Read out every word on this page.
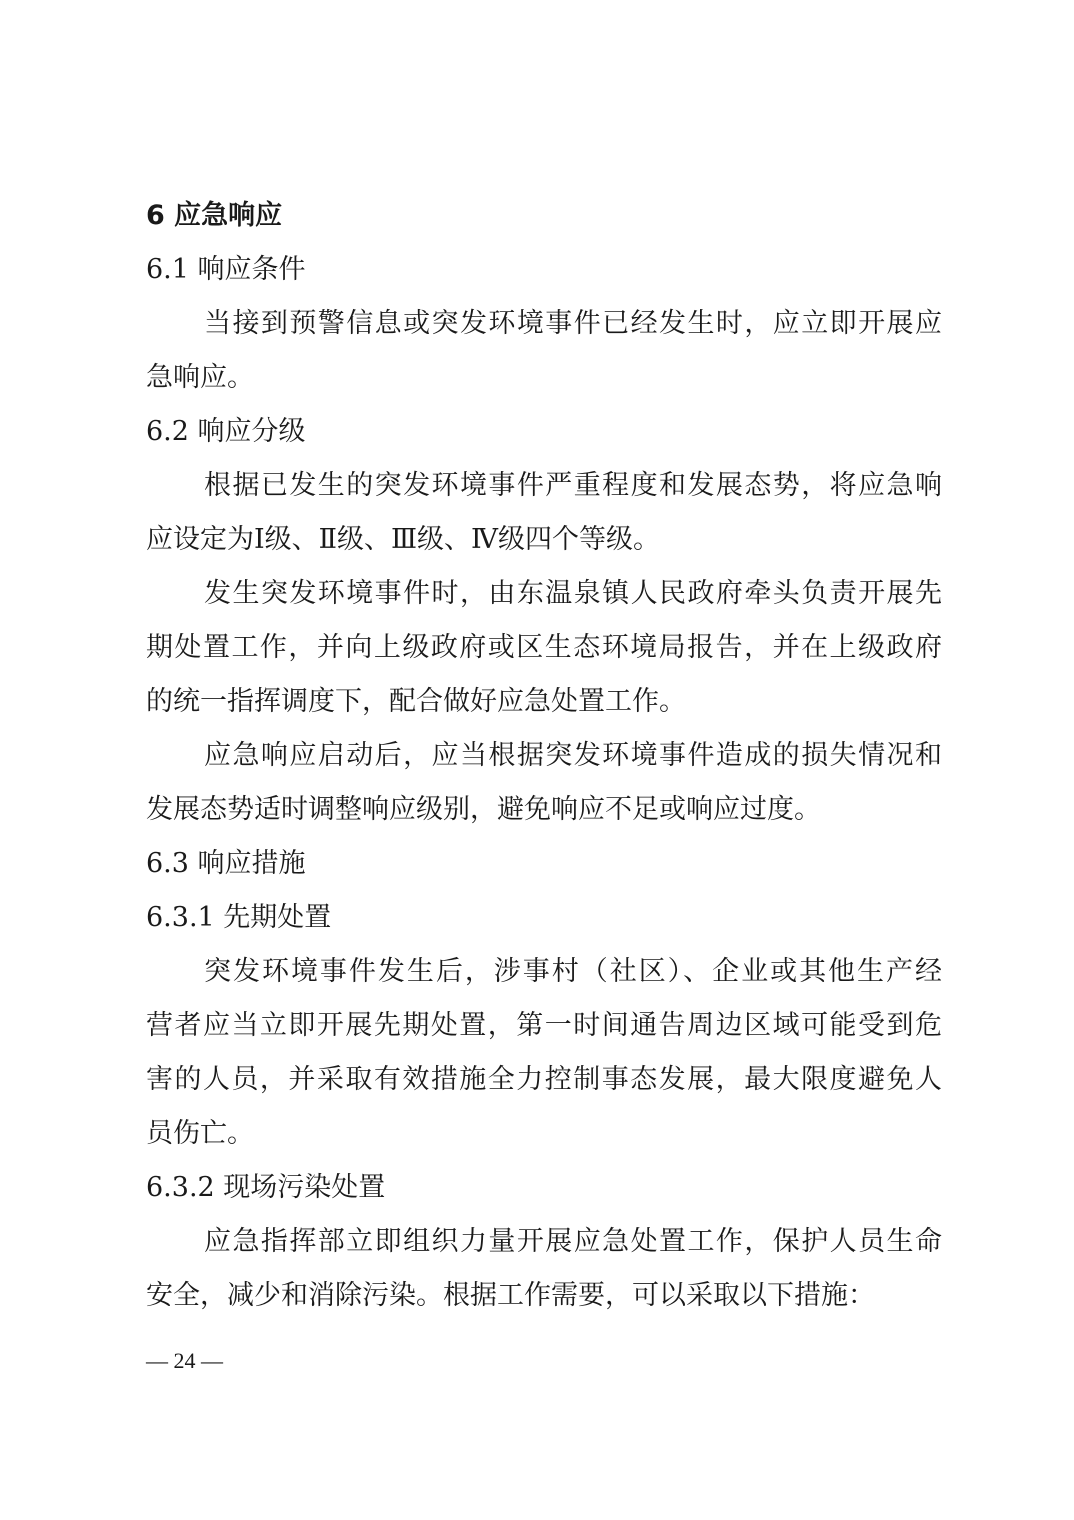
6 应急响应
6.1 响应条件
当接到预警信息或突发环境事件已经发生时，应立即开展应
急响应。
6.2 响应分级
根据已发生的突发环境事件严重程度和发展态势，将应急响
应设定为Ⅰ级、Ⅱ级、Ⅲ级、Ⅳ级四个等级。
发生突发环境事件时，由东温泉镇人民政府牵头负责开展先
期处置工作，并向上级政府或区生态环境局报告，并在上级政府
的统一指挥调度下，配合做好应急处置工作。
应急响应启动后，应当根据突发环境事件造成的损失情况和
发展态势适时调整响应级别，避免响应不足或响应过度。
6.3 响应措施
6.3.1 先期处置
突发环境事件发生后，涉事村（社区）、企业或其他生产经
营者应当立即开展先期处置，第一时间通告周边区域可能受到危
害的人员，并采取有效措施全力控制事态发展，最大限度避免人
员伤亡。
6.3.2 现场污染处置
应急指挥部立即组织力量开展应急处置工作，保护人员生命
安全，减少和消除污染。根据工作需要，可以采取以下措施：
— 24 —
